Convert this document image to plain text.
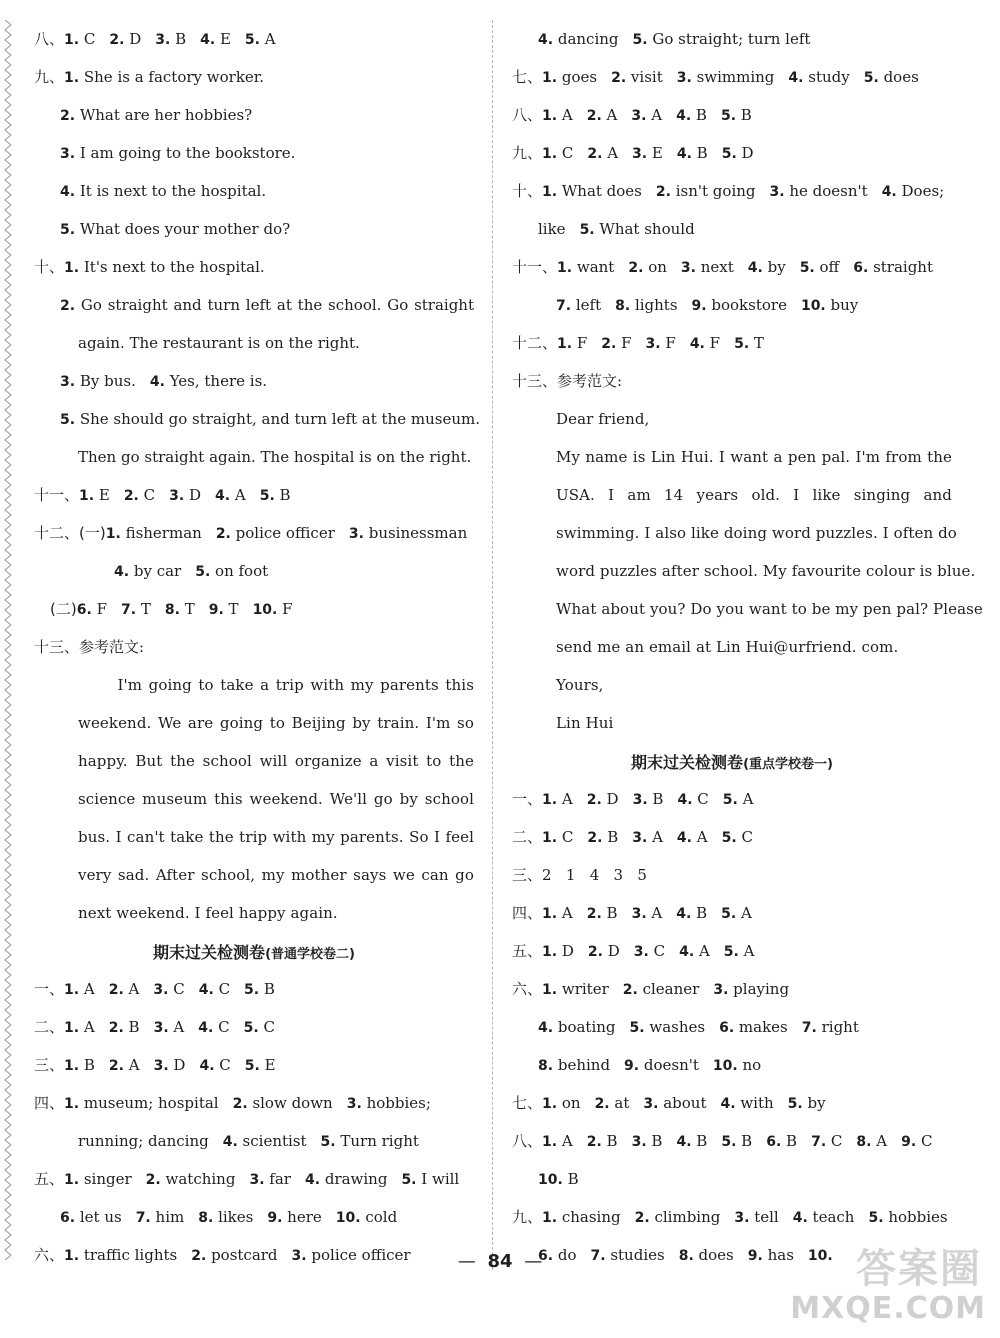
八、1. C 2. D 3. B 4. E 5. A
九、1. She is a factory worker.
2. What are her hobbies?
3. I am going to the bookstore.
4. It is next to the hospital.
5. What does your mother do?
十、1. It's next to the hospital.
2. Go straight and turn left at the school. Go straight
again. The restaurant is on the right.
3. By bus. 4. Yes, there is.
5. She should go straight, and turn left at the museum.
Then go straight again. The hospital is on the right.
十一、1. E 2. C 3. D 4. A 5. B
十二、(一)1. fisherman 2. police officer 3. businessman
4. by car 5. on foot
(二)6. F 7. T 8. T 9. T 10. F
十三、参考范文:
I'm going to take a trip with my parents this
weekend. We are going to Beijing by train. I'm so
happy. But the school will organize a visit to the
science museum this weekend. We'll go by school
bus. I can't take the trip with my parents. So I feel
very sad. After school, my mother says we can go
next weekend. I feel happy again.
期末过关检测卷(普通学校卷二)
一、1. A 2. A 3. C 4. C 5. B
二、1. A 2. B 3. A 4. C 5. C
三、1. B 2. A 3. D 4. C 5. E
四、1. museum; hospital 2. slow down 3. hobbies;
running; dancing 4. scientist 5. Turn right
五、1. singer 2. watching 3. far 4. drawing 5. I will
6. let us 7. him 8. likes 9. here 10. cold
六、1. traffic lights 2. postcard 3. police officer
4. dancing 5. Go straight; turn left
七、1. goes 2. visit 3. swimming 4. study 5. does
八、1. A 2. A 3. A 4. B 5. B
九、1. C 2. A 3. E 4. B 5. D
十、1. What does 2. isn't going 3. he doesn't 4. Does;
like 5. What should
十一、1. want 2. on 3. next 4. by 5. off 6. straight
7. left 8. lights 9. bookstore 10. buy
十二、1. F 2. F 3. F 4. F 5. T
十三、参考范文:
Dear friend,
My name is Lin Hui. I want a pen pal. I'm from the
USA. I am 14 years old. I like singing and
swimming. I also like doing word puzzles. I often do
word puzzles after school. My favourite colour is blue.
What about you? Do you want to be my pen pal? Please
send me an email at Lin Hui@urfriend. com.
Yours,
Lin Hui
期末过关检测卷(重点学校卷一)
一、1. A 2. D 3. B 4. C 5. A
二、1. C 2. B 3. A 4. A 5. C
三、2   1   4   3   5
四、1. A 2. B 3. A 4. B 5. A
五、1. D 2. D 3. C 4. A 5. A
六、1. writer 2. cleaner 3. playing
4. boating 5. washes 6. makes 7. right
8. behind 9. doesn't 10. no
七、1. on 2. at 3. about 4. with 5. by
八、1. A 2. B 3. B 4. B 5. B 6. B 7. C 8. A 9. C
10. B
九、1. chasing 2. climbing 3. tell 4. teach 5. hobbies
6. do 7. studies 8. does 9. has 10.
— 84 —	答案圈
MXQE.COM
